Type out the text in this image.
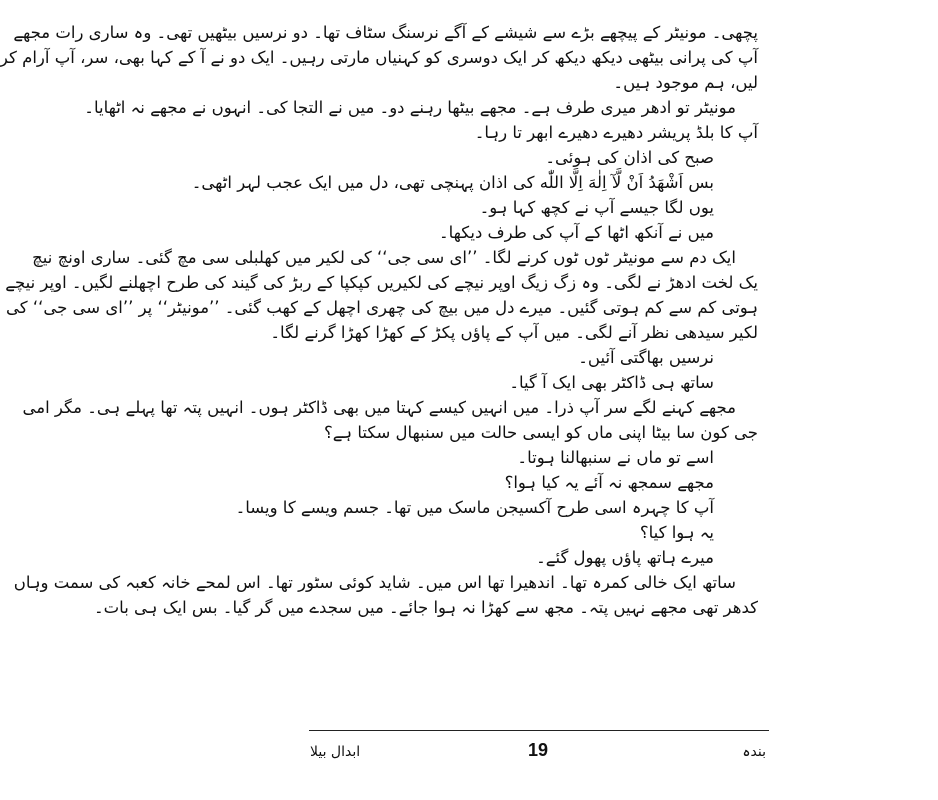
پچھی۔ مونیٹر کے پیچھے بڑے سے شیشے کے آگے نرسنگ سٹاف تھا۔ دو نرسیں بیٹھیں تھی۔ وہ ساری رات مجھے
آپ کی پرانی بیٹھی دیکھ دیکھ کر ایک دوسری کو کہنیاں مارتی رہیں۔ ایک دو نے آ کے کہا بھی، سر، آپ آرام کر
لیں، ہم موجود ہیں۔
مونیٹر تو ادھر میری طرف ہے۔ مجھے بیٹھا رہنے دو۔ میں نے التجا کی۔ انہوں نے مجھے نہ اٹھایا۔
آپ کا بلڈ پریشر دھیرے دھیرے ابھر تا رہا۔
صبح کی اذان کی ہوئی۔
بس اَشْھَدُ اَنْ لَّآ اِلٰهَ اِلَّا اللّٰه کی اذان پہنچی تھی، دل میں ایک عجب لہر اٹھی۔
یوں لگا جیسے آپ نے کچھ کہا ہو۔
میں نے آنکھ اٹھا کے آپ کی طرف دیکھا۔
ایک دم سے مونیٹر ٹوں ٹوں کرنے لگا۔ ’’ای سی جی‘‘ کی لکیر میں کھلبلی سی مچ گئی۔ ساری اونچ نیچ
یک لخت ادھڑ نے لگی۔ وہ زگ زیگ اوپر نیچے کی لکیریں کپکپا کے ربڑ کی گیند کی طرح اچھلنے لگیں۔ اوپر نیچے
ہوتی کم سے کم ہوتی گئیں۔ میرے دل میں بیچ کی چھری اچھل کے کھب گئی۔ ’’مونیٹر‘‘ پر ’’ای سی جی‘‘ کی
لکیر سیدھی نظر آنے لگی۔ میں آپ کے پاؤں پکڑ کے کھڑا کھڑا گرنے لگا۔
نرسیں بھاگتی آئیں۔
ساتھ ہی ڈاکٹر بھی ایک آ گیا۔
مجھے کہنے لگے سر آپ ذرا۔ میں انہیں کیسے کہتا میں بھی ڈاکٹر ہوں۔ انہیں پتہ تھا پہلے ہی۔ مگر امی
جی کون سا بیٹا اپنی ماں کو ایسی حالت میں سنبھال سکتا ہے؟
اسے تو ماں نے سنبھالنا ہوتا۔
مجھے سمجھ نہ آئے یہ کیا ہوا؟
آپ کا چہرہ اسی طرح آکسیجن ماسک میں تھا۔ جسم ویسے کا ویسا۔
یہ ہوا کیا؟
میرے ہاتھ پاؤں پھول گئے۔
ساتھ ایک خالی کمرہ تھا۔ اندھیرا تھا اس میں۔ شاید کوئی سٹور تھا۔ اس لمحے خانہ کعبہ کی سمت وہاں
کدھر تھی مجھے نہیں پتہ۔ مجھ سے کھڑا نہ ہوا جائے۔ میں سجدے میں گر گیا۔ بس ایک ہی بات۔
ابدال بیلا	19	بندہ
